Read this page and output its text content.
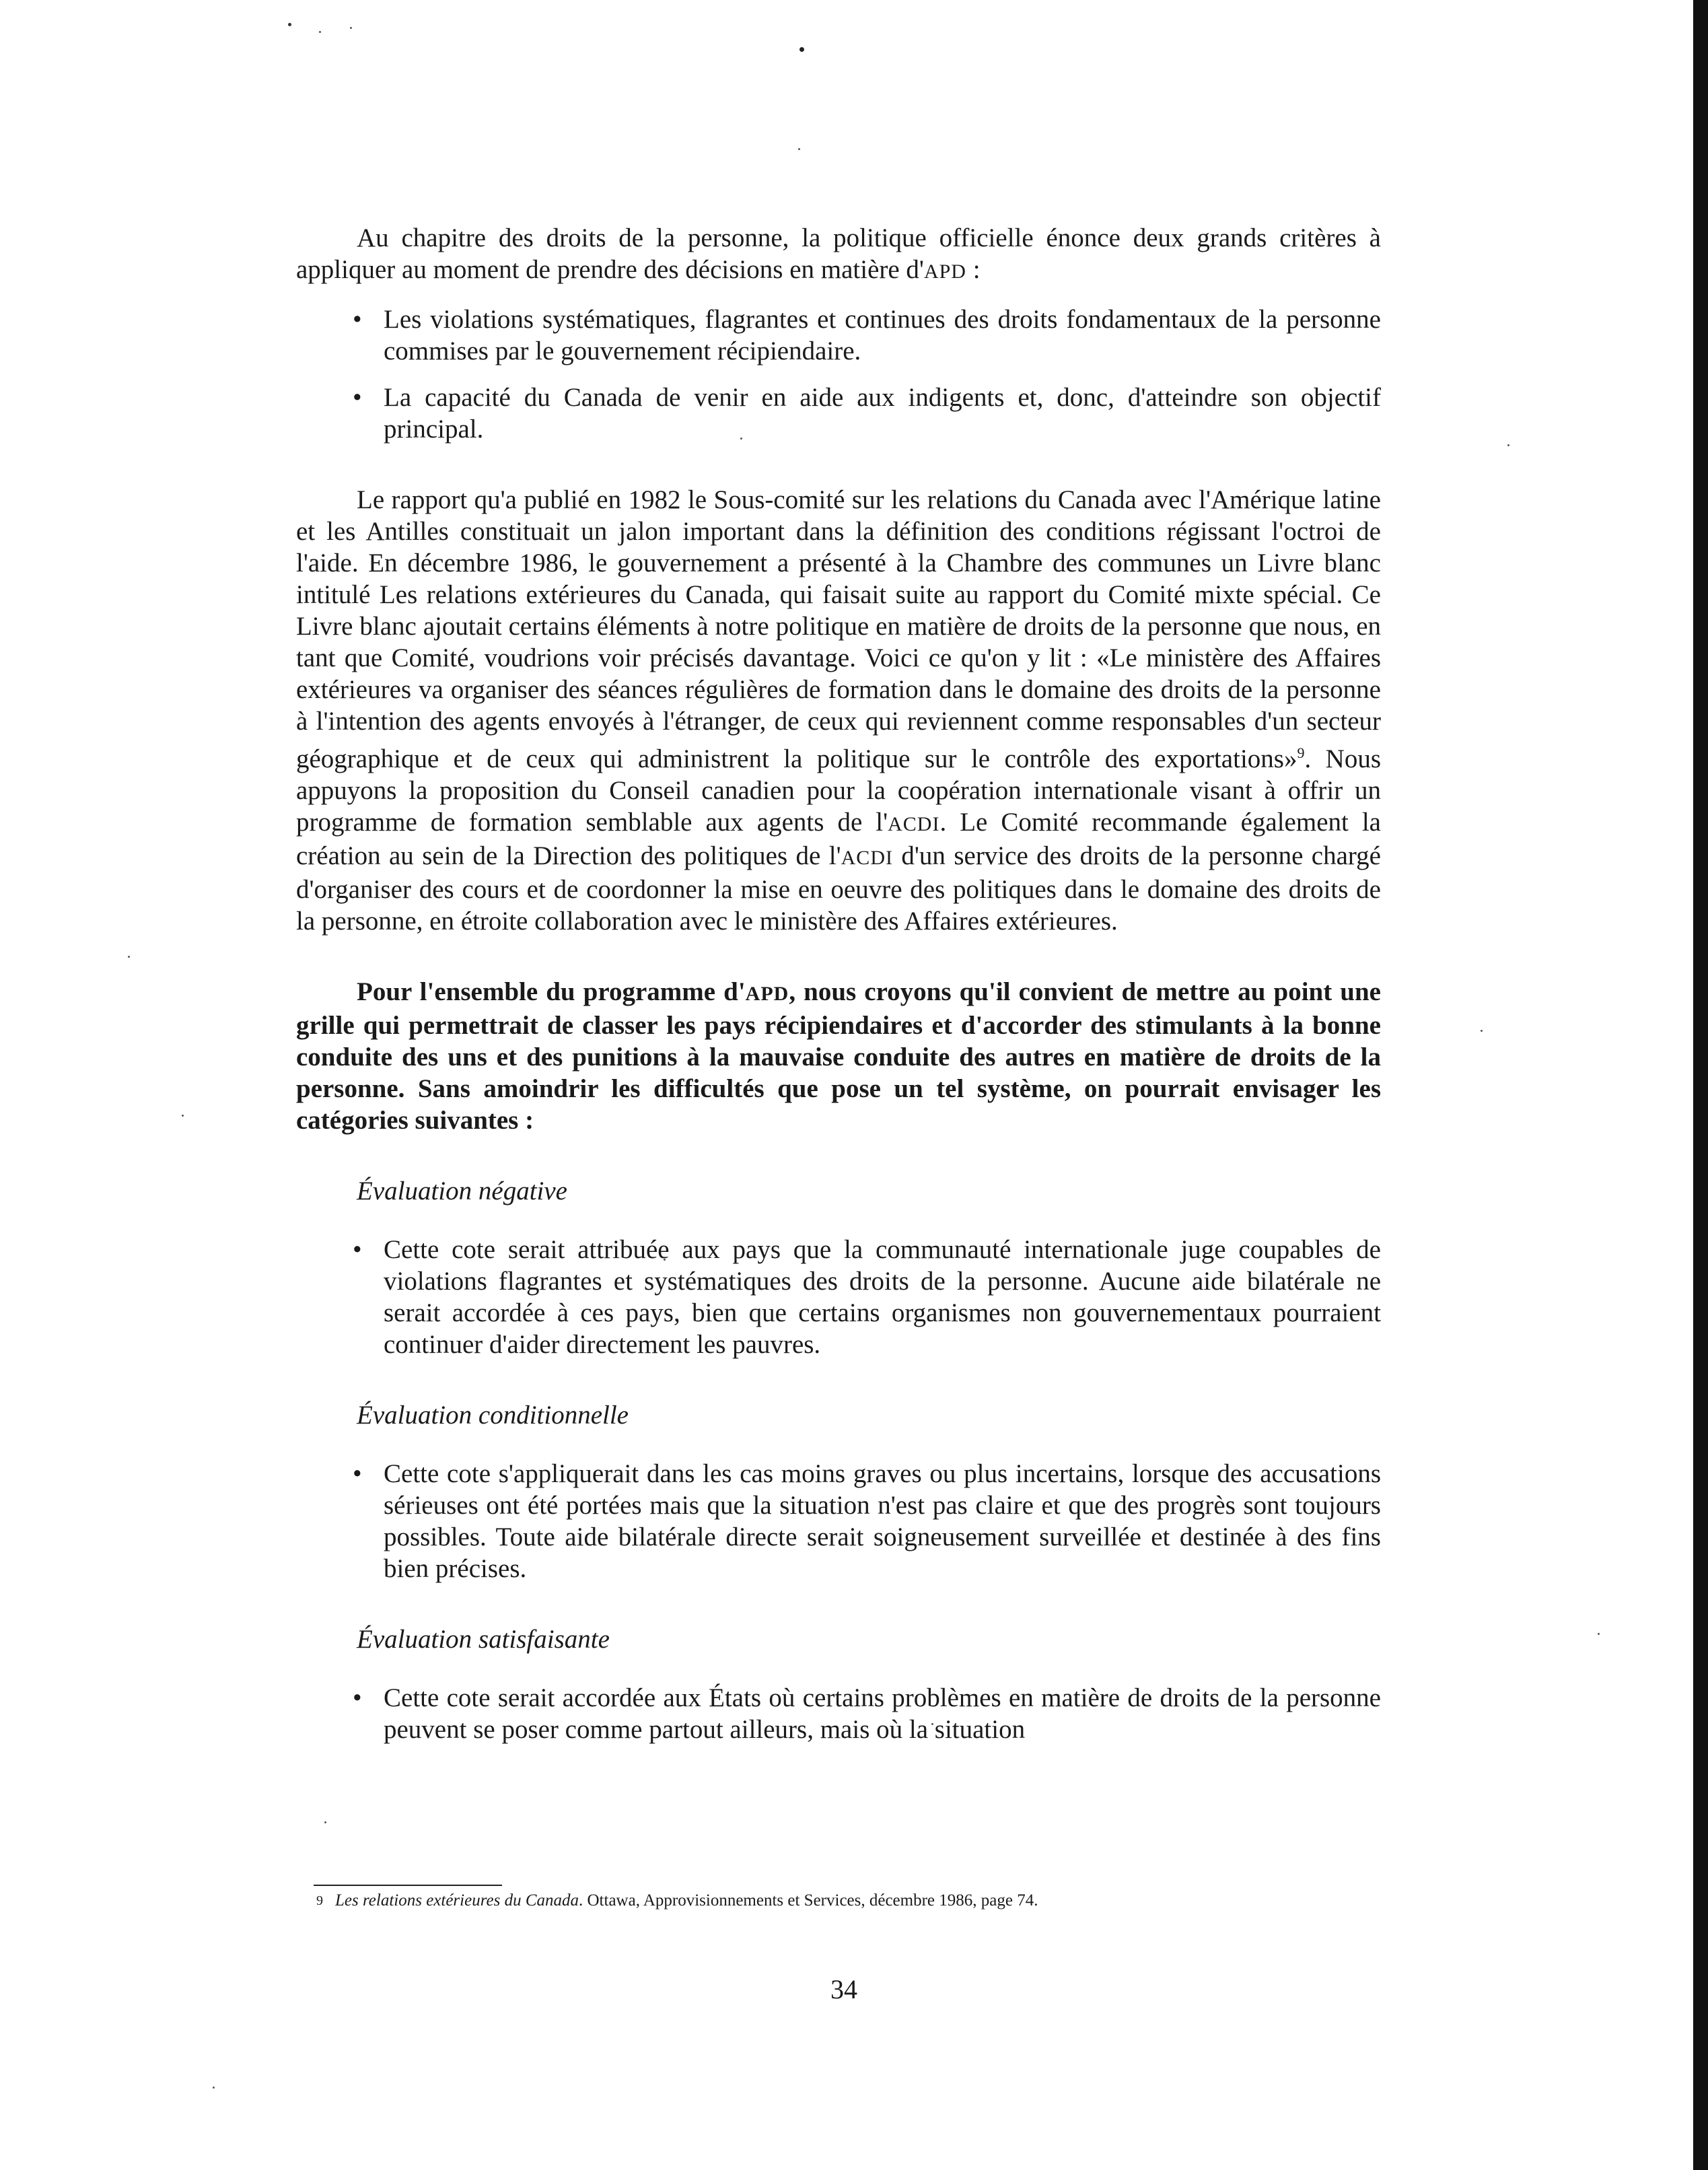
Au chapitre des droits de la personne, la politique officielle énonce deux grands critères à appliquer au moment de prendre des décisions en matière d'APD :

• Les violations systématiques, flagrantes et continues des droits fondamentaux de la personne commises par le gouvernement récipiendaire.
• La capacité du Canada de venir en aide aux indigents et, donc, d'atteindre son objectif principal.

Le rapport qu'a publié en 1982 le Sous-comité sur les relations du Canada avec l'Amérique latine et les Antilles constituait un jalon important dans la définition des conditions régissant l'octroi de l'aide. En décembre 1986, le gouvernement a présenté à la Chambre des communes un Livre blanc intitulé Les relations extérieures du Canada, qui faisait suite au rapport du Comité mixte spécial. Ce Livre blanc ajoutait certains éléments à notre politique en matière de droits de la personne que nous, en tant que Comité, voudrions voir précisés davantage. Voici ce qu'on y lit : «Le ministère des Affaires extérieures va organiser des séances régulières de formation dans le domaine des droits de la personne à l'intention des agents envoyés à l'étranger, de ceux qui reviennent comme responsables d'un secteur géographique et de ceux qui administrent la politique sur le contrôle des exportations»$^9$. Nous appuyons la proposition du Conseil canadien pour la coopération internationale visant à offrir un programme de formation semblable aux agents de l'ACDI. Le Comité recommande également la création au sein de la Direction des politiques de l'ACDI d'un service des droits de la personne chargé d'organiser des cours et de coordonner la mise en oeuvre des politiques dans le domaine des droits de la personne, en étroite collaboration avec le ministère des Affaires extérieures.

Pour l'ensemble du programme d'APD, nous croyons qu'il convient de mettre au point une grille qui permettrait de classer les pays récipiendaires et d'accorder des stimulants à la bonne conduite des uns et des punitions à la mauvaise conduite des autres en matière de droits de la personne. Sans amoindrir les difficultés que pose un tel système, on pourrait envisager les catégories suivantes :

Évaluation négative

• Cette cote serait attribuée aux pays que la communauté internationale juge coupables de violations flagrantes et systématiques des droits de la personne. Aucune aide bilatérale ne serait accordée à ces pays, bien que certains organismes non gouvernementaux pourraient continuer d'aider directement les pauvres.

Évaluation conditionnelle

• Cette cote s'appliquerait dans les cas moins graves ou plus incertains, lorsque des accusations sérieuses ont été portées mais que la situation n'est pas claire et que des progrès sont toujours possibles. Toute aide bilatérale directe serait soigneusement surveillée et destinée à des fins bien précises.

Évaluation satisfaisante

• Cette cote serait accordée aux États où certains problèmes en matière de droits de la personne peuvent se poser comme partout ailleurs, mais où la situation
9 Les relations extérieures du Canada. Ottawa, Approvisionnements et Services, décembre 1986, page 74.
34
